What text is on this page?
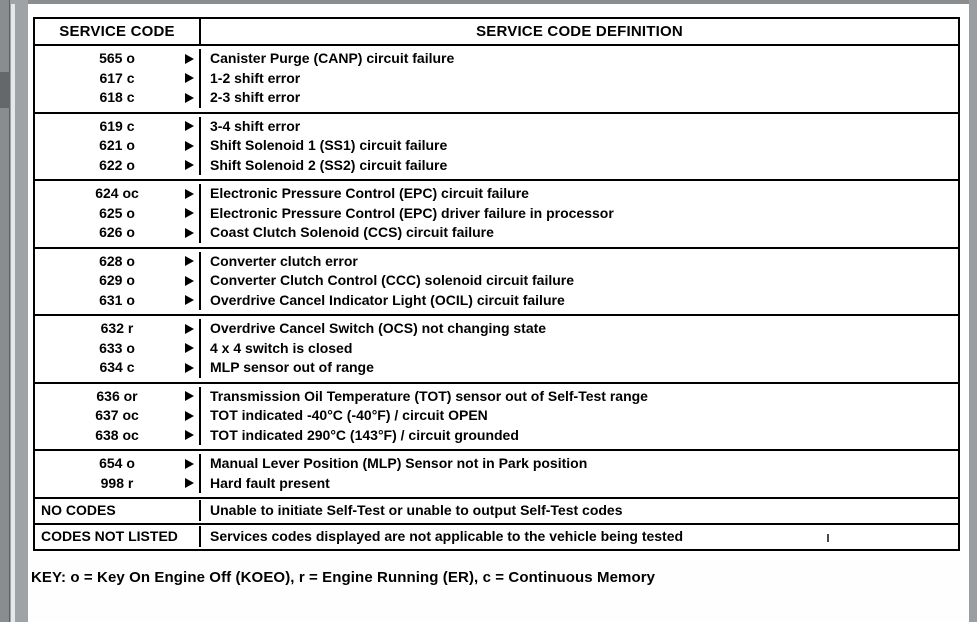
SERVICE CODE	SERVICE CODE DEFINITION
565 o	Canister Purge (CANP) circuit failure
617 c	1-2 shift error
618 c	2-3 shift error
619 c	3-4 shift error
621 o	Shift Solenoid 1 (SS1) circuit failure
622 o	Shift Solenoid 2 (SS2) circuit failure
624 oc	Electronic Pressure Control (EPC) circuit failure
625 o	Electronic Pressure Control (EPC) driver failure in processor
626 o	Coast Clutch Solenoid (CCS) circuit failure
628 o	Converter clutch error
629 o	Converter Clutch Control (CCC) solenoid circuit failure
631 o	Overdrive Cancel Indicator Light (OCIL) circuit failure
632 r	Overdrive Cancel Switch (OCS) not changing state
633 o	4 x 4 switch is closed
634 c	MLP sensor out of range
636 or	Transmission Oil Temperature (TOT) sensor out of Self-Test range
637 oc	TOT indicated -40°C (-40°F) / circuit OPEN
638 oc	TOT indicated 290°C (143°F) / circuit grounded
654 o	Manual Lever Position (MLP) Sensor not in Park position
998 r	Hard fault present
NO CODES	Unable to initiate Self-Test or unable to output Self-Test codes
CODES NOT LISTED	Services codes displayed are not applicable to the vehicle being tested
KEY: o = Key On Engine Off (KOEO), r = Engine Running (ER), c = Continuous Memory
